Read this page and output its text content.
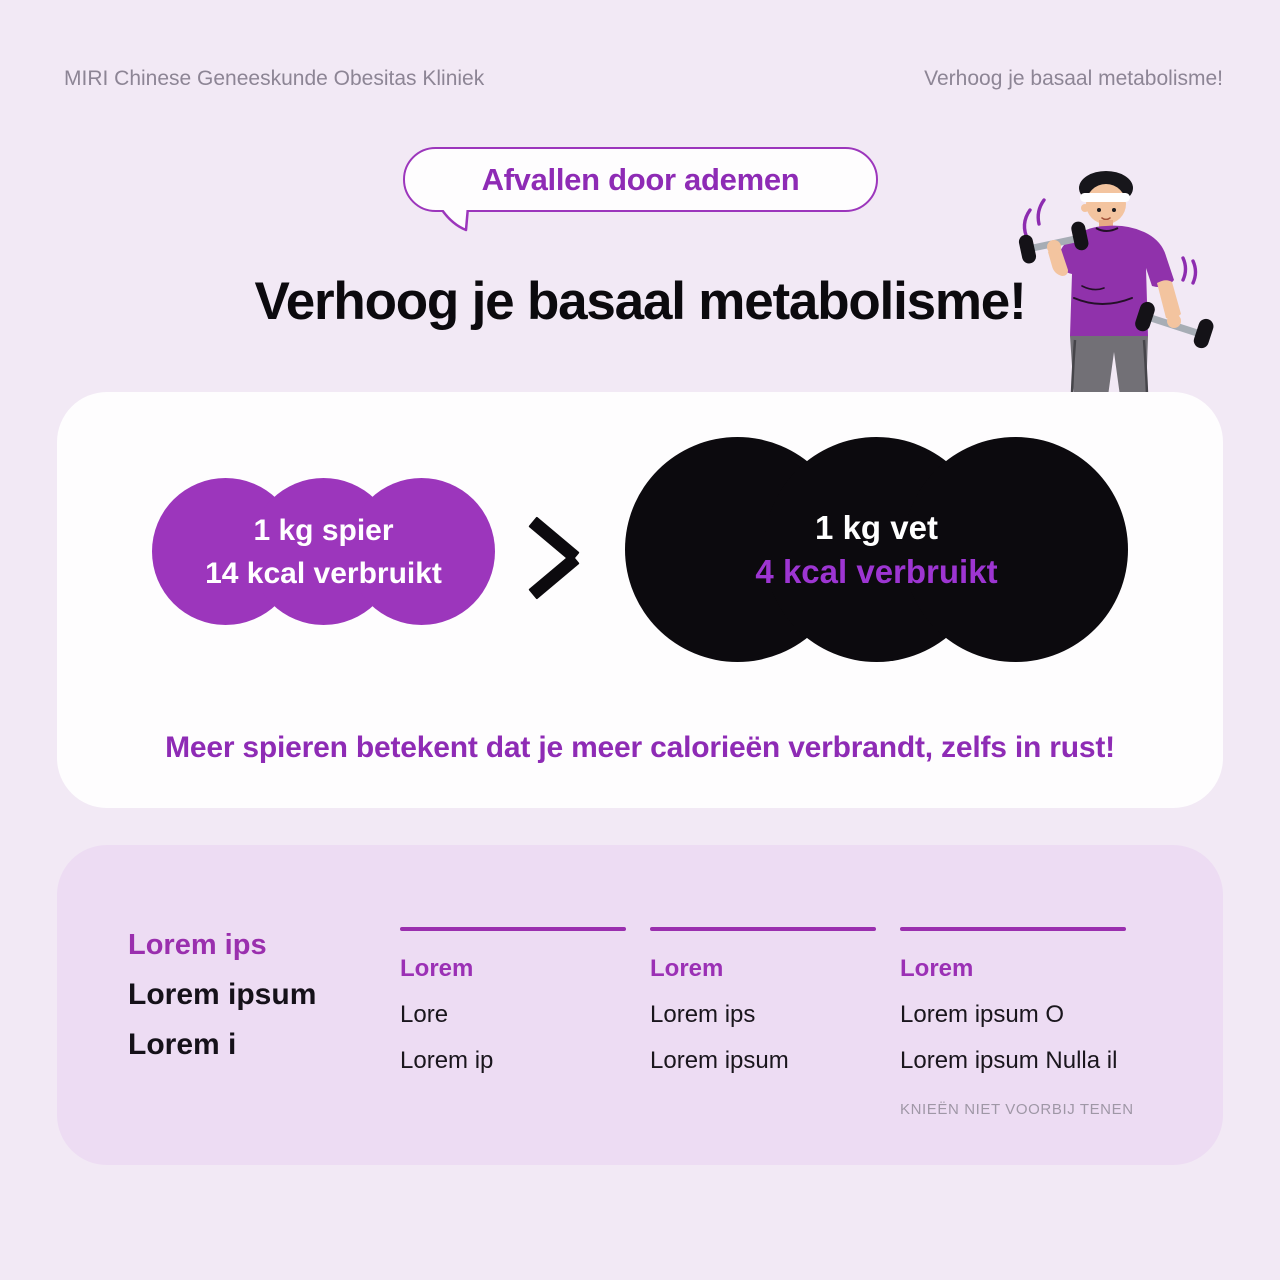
MIRI Chinese Geneeskunde Obesitas Kliniek	Verhoog je basaal metabolisme!
Afvallen door ademen
Verhoog je basaal metabolisme!
1 kg spier
14 kcal verbruikt
1 kg vet
4 kcal verbruikt
Meer spieren betekent dat je meer calorieën verbrandt, zelfs in rust!
Lorem ips
Lorem ipsum
Lorem i
Lorem
Lore
Lorem ip
Lorem
Lorem ips
Lorem ipsum
Lorem
Lorem ipsum O
Lorem ipsum Nulla il
KNIEËN NIET VOORBIJ TENEN
